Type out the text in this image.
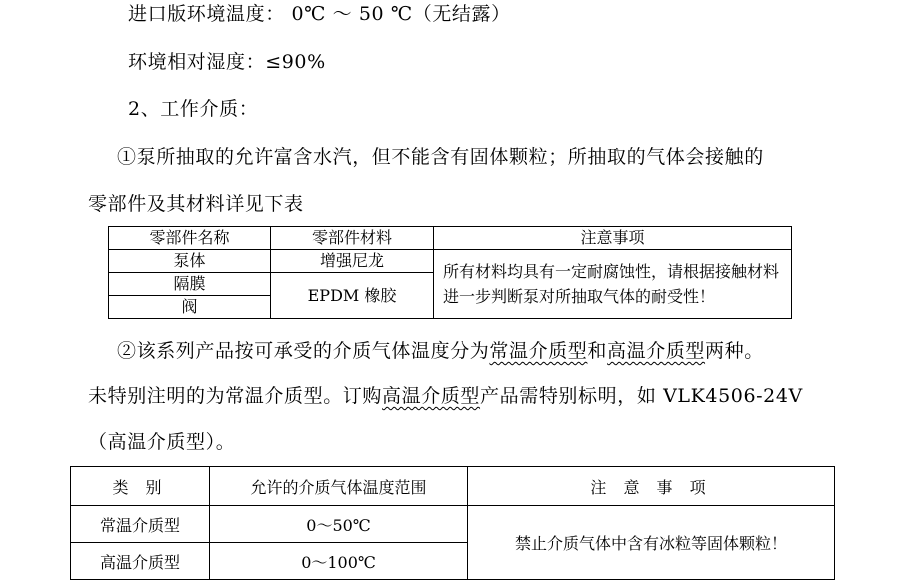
进口版环境温度： 0℃ ～ 50 ℃（无结露）
环境相对湿度：≤90%
2、工作介质：
①泵所抽取的允许富含水汽，但不能含有固体颗粒；所抽取的气体会接触的
零部件及其材料详见下表
零部件名称	零部件材料	注意事项
泵体	增强尼龙	所有材料均具有一定耐腐蚀性，请根据接触材料进一步判断泵对所抽取气体的耐受性！
隔膜	EPDM 橡胶	
阀		
②该系列产品按可承受的介质气体温度分为常温介质型和高温介质型两种。
未特别注明的为常温介质型。订购高温介质型产品需特别标明，如 VLK4506-24V
（高温介质型）。
类 别	允许的介质气体温度范围	注 意 事 项
常温介质型	0～50℃	禁止介质气体中含有冰粒等固体颗粒！
高温介质型	0～100℃	
